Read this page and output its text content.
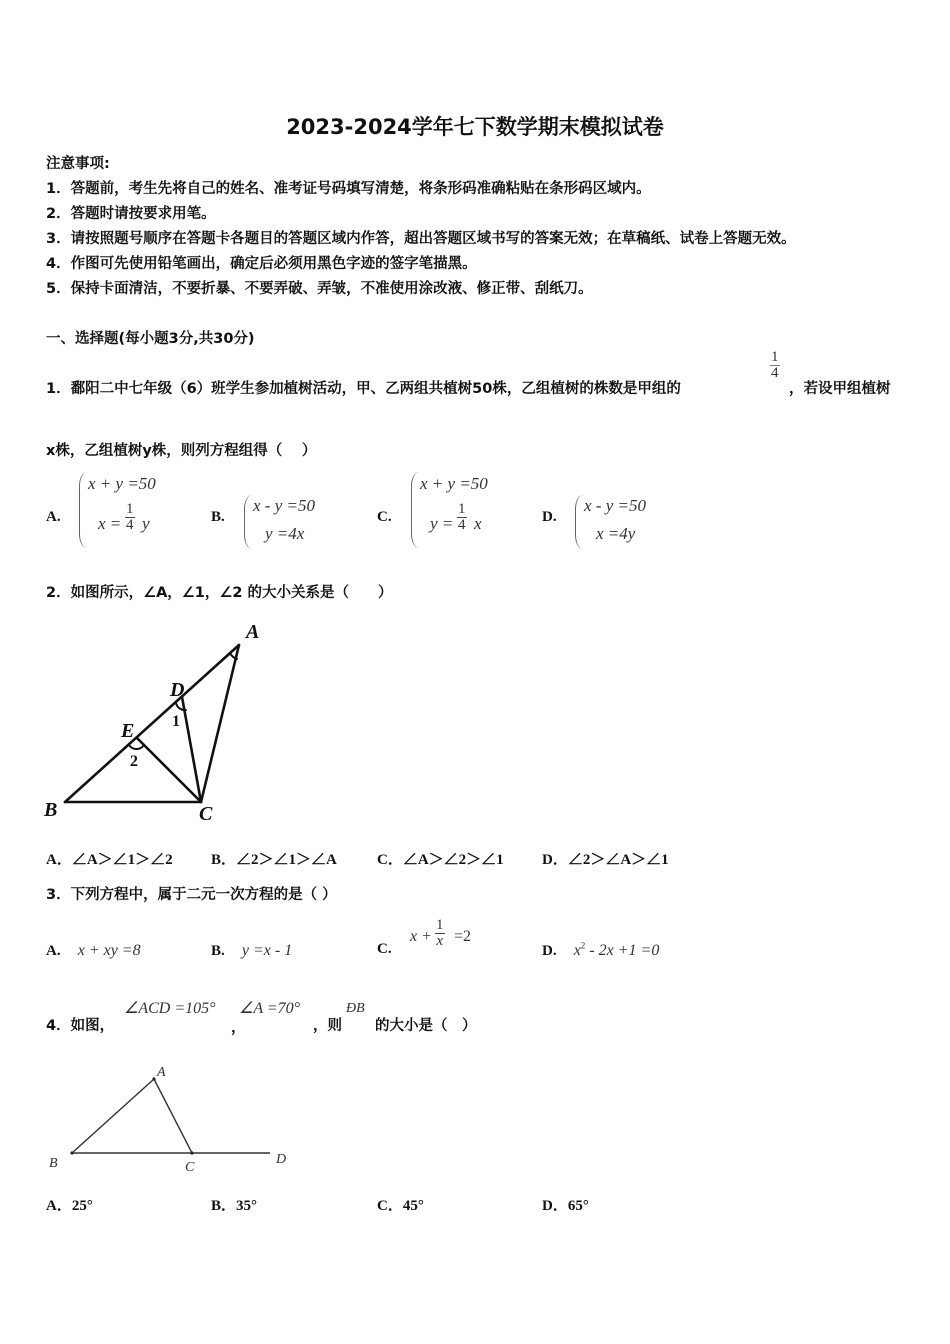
2023-2024学年七下数学期末模拟试卷
注意事项:
1．答题前，考生先将自己的姓名、准考证号码填写清楚，将条形码准确粘贴在条形码区域内。
2．答题时请按要求用笔。
3．请按照题号顺序在答题卡各题目的答题区域内作答，超出答题区域书写的答案无效；在草稿纸、试卷上答题无效。
4．作图可先使用铅笔画出，确定后必须用黑色字迹的签字笔描黑。
5．保持卡面清洁，不要折暴、不要弄破、弄皱，不准使用涂改液、修正带、刮纸刀。
一、选择题(每小题3分,共30分)
1．鄱阳二中七年级（6）班学生参加植树活动，甲、乙两组共植树50株，乙组植树的株数是甲组的
$\frac{1}{4}$
，若设甲组植树
x株，乙组植树y株，则列方程组得（　 ）
A.
x + y =50
$x = \frac{1}{4}$ y	B.
x - y =50
y =4x
C.
x + y =50
$y = \frac{1}{4}$ x	D.
x - y =50
x =4y
2．如图所示，∠A，∠1，∠2 的大小关系是（　　）
A
D
E
B	C
1
2
A．∠A＞∠1＞∠2	B．∠2＞∠1＞∠A	C．∠A＞∠2＞∠1	D．∠2＞∠A＞∠1
3．下列方程中，属于二元一次方程的是（ ）
A. x + xy =8	B. y =x - 1	C.
$x + \frac{1}{x} =2$
D. $x^2 - 2x +1 =0$
4．如图，
∠ACD =105°
，
∠A =70°
，则
ÐB
的大小是（　）
A
B	C
D
A．25°	B．35°	C．45°	D．65°
